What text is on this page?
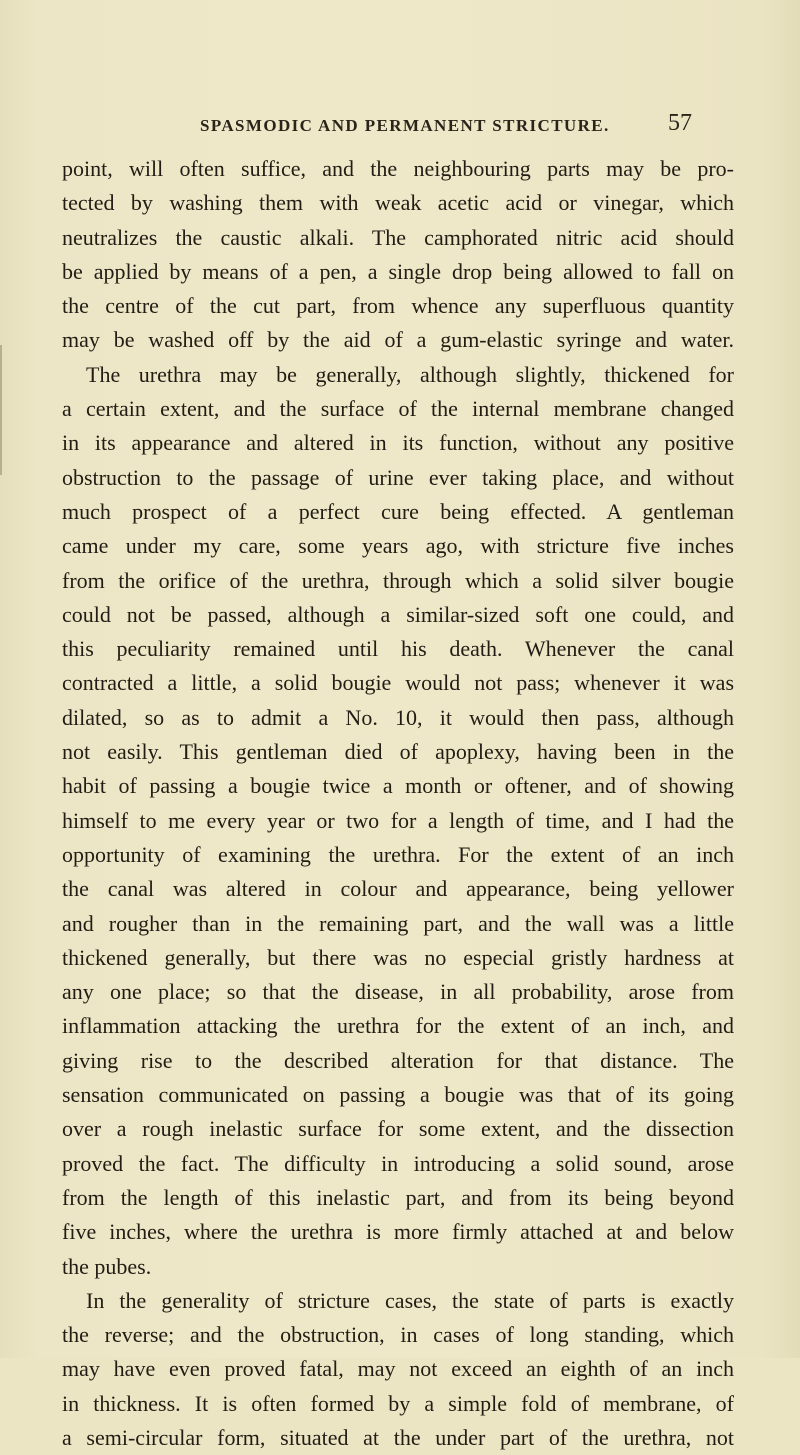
SPASMODIC AND PERMANENT STRICTURE.	57
point, will often suffice, and the neighbouring parts may be pro-
tected by washing them with weak acetic acid or vinegar, which
neutralizes the caustic alkali. The camphorated nitric acid should
be applied by means of a pen, a single drop being allowed to fall on
the centre of the cut part, from whence any superfluous quantity
may be washed off by the aid of a gum-elastic syringe and water.
The urethra may be generally, although slightly, thickened for
a certain extent, and the surface of the internal membrane changed
in its appearance and altered in its function, without any positive
obstruction to the passage of urine ever taking place, and without
much prospect of a perfect cure being effected. A gentleman
came under my care, some years ago, with stricture five inches
from the orifice of the urethra, through which a solid silver bougie
could not be passed, although a similar-sized soft one could, and
this peculiarity remained until his death. Whenever the canal
contracted a little, a solid bougie would not pass; whenever it was
dilated, so as to admit a No. 10, it would then pass, although
not easily. This gentleman died of apoplexy, having been in the
habit of passing a bougie twice a month or oftener, and of showing
himself to me every year or two for a length of time, and I had the
opportunity of examining the urethra. For the extent of an inch
the canal was altered in colour and appearance, being yellower
and rougher than in the remaining part, and the wall was a little
thickened generally, but there was no especial gristly hardness at
any one place; so that the disease, in all probability, arose from
inflammation attacking the urethra for the extent of an inch, and
giving rise to the described alteration for that distance. The
sensation communicated on passing a bougie was that of its going
over a rough inelastic surface for some extent, and the dissection
proved the fact. The difficulty in introducing a solid sound, arose
from the length of this inelastic part, and from its being beyond
five inches, where the urethra is more firmly attached at and below
the pubes.
In the generality of stricture cases, the state of parts is exactly
the reverse; and the obstruction, in cases of long standing, which
may have even proved fatal, may not exceed an eighth of an inch
in thickness. It is often formed by a simple fold of membrane, of
a semi-circular form, situated at the under part of the urethra, not
